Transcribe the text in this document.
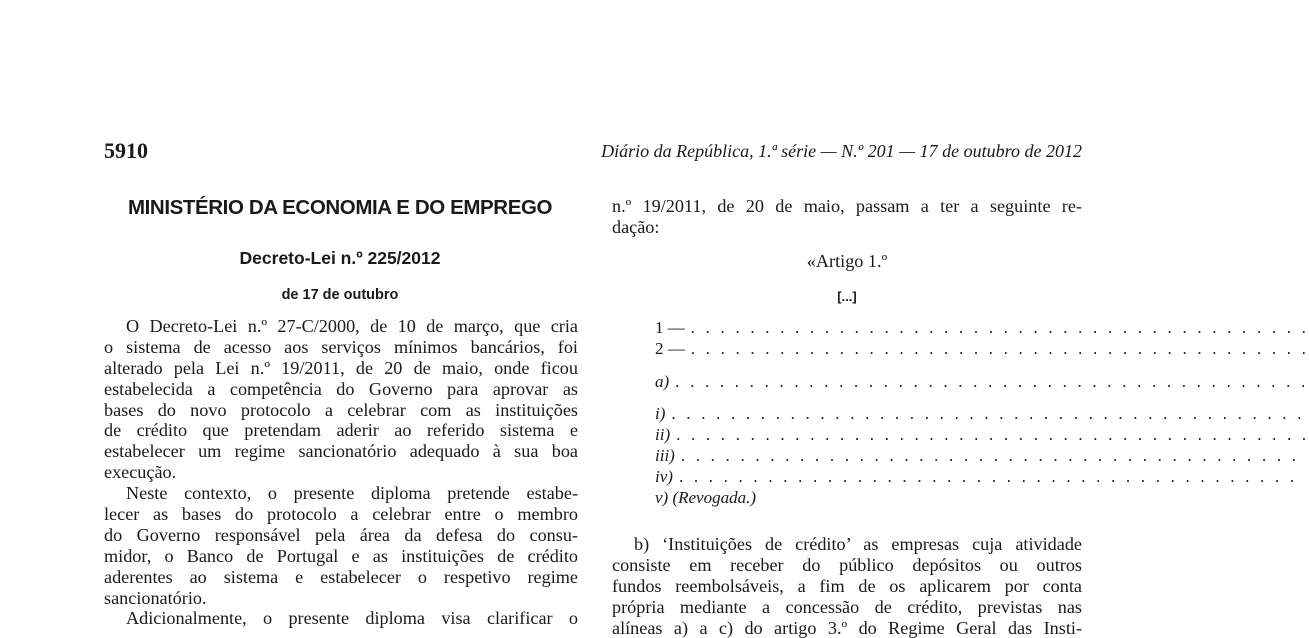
5910	Diário da República, 1.ª série — N.º 201 — 17 de outubro de 2012
MINISTÉRIO DA ECONOMIA E DO EMPREGO
Decreto-Lei n.º 225/2012
de 17 de outubro
O Decreto-Lei n.º 27-C/2000, de 10 de março, que cria
o sistema de acesso aos serviços mínimos bancários, foi
alterado pela Lei n.º 19/2011, de 20 de maio, onde ficou
estabelecida a competência do Governo para aprovar as
bases do novo protocolo a celebrar com as instituições
de crédito que pretendam aderir ao referido sistema e
estabelecer um regime sancionatório adequado à sua boa
execução.
Neste contexto, o presente diploma pretende estabe-
lecer as bases do protocolo a celebrar entre o membro
do Governo responsável pela área da defesa do consu-
midor, o Banco de Portugal e as instituições de crédito
aderentes ao sistema e estabelecer o respetivo regime
sancionatório.
Adicionalmente, o presente diploma visa clarificar o
n.º 19/2011, de 20 de maio, passam a ter a seguinte re-
dação:
«Artigo 1.º
[...]
1 — . . . . . . . . . . . . . . . . . . . . . . . . . . . . . . . . . . . . . . . . . .
2 — . . . . . . . . . . . . . . . . . . . . . . . . . . . . . . . . . . . . . . . . . .
a) . . . . . . . . . . . . . . . . . . . . . . . . . . . . . . . . . . . . . . . . . . .
i) . . . . . . . . . . . . . . . . . . . . . . . . . . . . . . . . . . . . . . . . . . .
ii) . . . . . . . . . . . . . . . . . . . . . . . . . . . . . . . . . . . . . . . . . . .
iii) . . . . . . . . . . . . . . . . . . . . . . . . . . . . . . . . . . . . . . . . . .
iv) . . . . . . . . . . . . . . . . . . . . . . . . . . . . . . . . . . . . . . . . . .
v) (Revogada.)
b) ‘Instituições de crédito’ as empresas cuja atividade
consiste em receber do público depósitos ou outros
fundos reembolsáveis, a fim de os aplicarem por conta
própria mediante a concessão de crédito, previstas nas
alíneas a) a c) do artigo 3.º do Regime Geral das Insti-
